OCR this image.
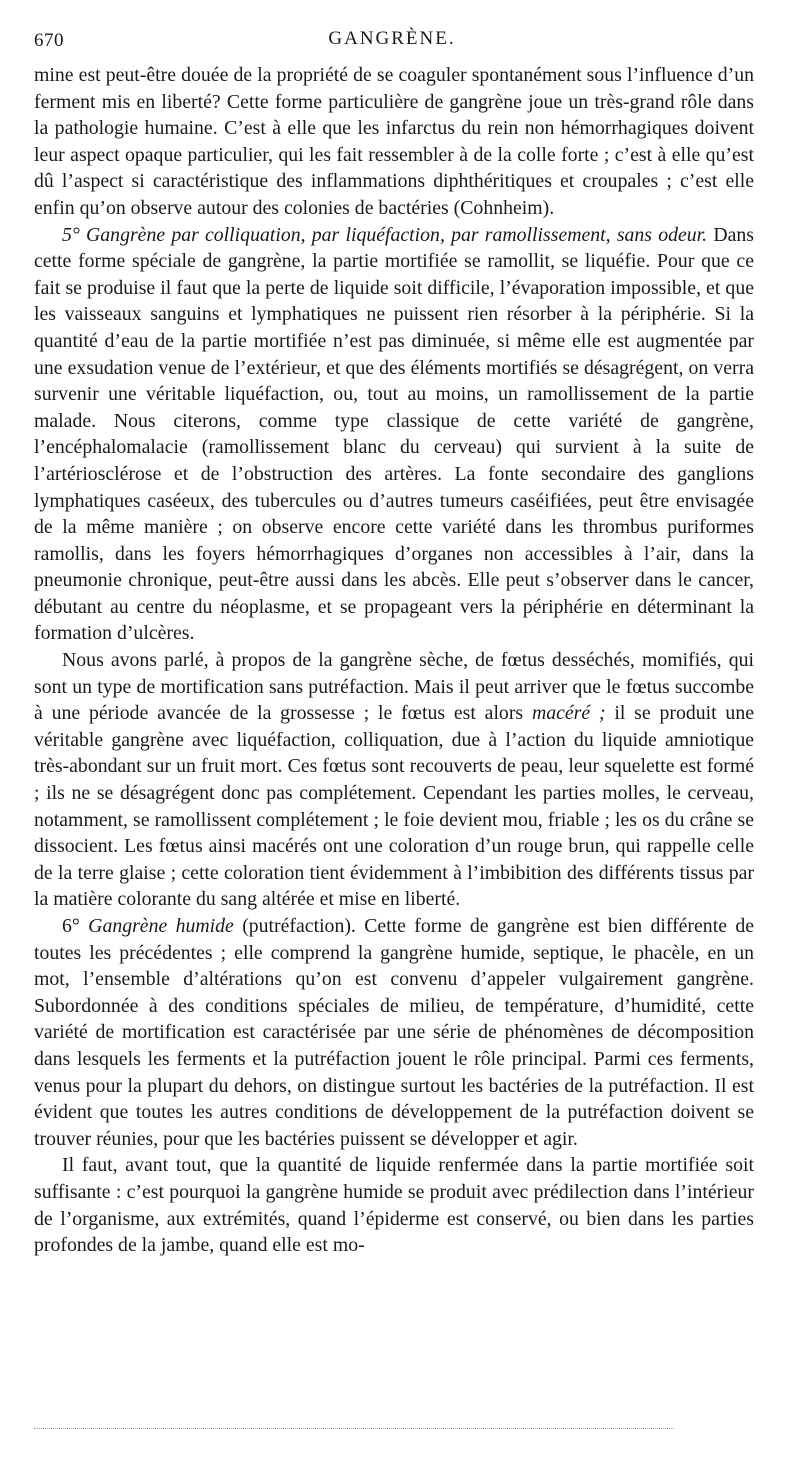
670	GANGRÈNE.

mine est peut-être douée de la propriété de se coaguler spontanément sous l’influence d’un ferment mis en liberté? Cette forme particulière de gangrène joue un très-grand rôle dans la pathologie humaine. C’est à elle que les infarctus du rein non hémorrhagiques doivent leur aspect opaque particulier, qui les fait ressembler à de la colle forte ; c’est à elle qu’est dû l’aspect si caractéristique des inflammations diphthéritiques et croupales ; c’est elle enfin qu’on observe autour des colonies de bactéries (Cohnheim).

5° Gangrène par colliquation, par liquéfaction, par ramollissement, sans odeur. Dans cette forme spéciale de gangrène, la partie mortifiée se ramollit, se liquéfie. Pour que ce fait se produise il faut que la perte de liquide soit difficile, l’évaporation impossible, et que les vaisseaux sanguins et lymphatiques ne puissent rien résorber à la périphérie. Si la quantité d’eau de la partie mortifiée n’est pas diminuée, si même elle est augmentée par une exsudation venue de l’extérieur, et que des éléments mortifiés se désagrégent, on verra survenir une véritable liquéfaction, ou, tout au moins, un ramollissement de la partie malade. Nous citerons, comme type classique de cette variété de gangrène, l’encéphalomalacie (ramollissement blanc du cerveau) qui survient à la suite de l’artériosclérose et de l’obstruction des artères. La fonte secondaire des ganglions lymphatiques caséeux, des tubercules ou d’autres tumeurs caséifiées, peut être envisagée de la même manière ; on observe encore cette variété dans les thrombus puriformes ramollis, dans les foyers hémorrhagiques d’organes non accessibles à l’air, dans la pneumonie chronique, peut-être aussi dans les abcès. Elle peut s’observer dans le cancer, débutant au centre du néoplasme, et se propageant vers la périphérie en déterminant la formation d’ulcères.

Nous avons parlé, à propos de la gangrène sèche, de fœtus desséchés, momifiés, qui sont un type de mortification sans putréfaction. Mais il peut arriver que le fœtus succombe à une période avancée de la grossesse ; le fœtus est alors macéré ; il se produit une véritable gangrène avec liquéfaction, colliquation, due à l’action du liquide amniotique très-abondant sur un fruit mort. Ces fœtus sont recouverts de peau, leur squelette est formé ; ils ne se désagrégent donc pas complétement. Cependant les parties molles, le cerveau, notamment, se ramollissent complétement ; le foie devient mou, friable ; les os du crâne se dissocient. Les fœtus ainsi macérés ont une coloration d’un rouge brun, qui rappelle celle de la terre glaise ; cette coloration tient évidemment à l’imbibition des différents tissus par la matière colorante du sang altérée et mise en liberté.

6° Gangrène humide (putréfaction). Cette forme de gangrène est bien différente de toutes les précédentes ; elle comprend la gangrène humide, septique, le phacèle, en un mot, l’ensemble d’altérations qu’on est convenu d’appeler vulgairement gangrène. Subordonnée à des conditions spéciales de milieu, de température, d’humidité, cette variété de mortification est caractérisée par une série de phénomènes de décomposition dans lesquels les ferments et la putréfaction jouent le rôle principal. Parmi ces ferments, venus pour la plupart du dehors, on distingue surtout les bactéries de la putréfaction. Il est évident que toutes les autres conditions de développement de la putréfaction doivent se trouver réunies, pour que les bactéries puissent se développer et agir.

Il faut, avant tout, que la quantité de liquide renfermée dans la partie mortifiée soit suffisante : c’est pourquoi la gangrène humide se produit avec prédilection dans l’intérieur de l’organisme, aux extrémités, quand l’épiderme est conservé, ou bien dans les parties profondes de la jambe, quand elle est mo-
